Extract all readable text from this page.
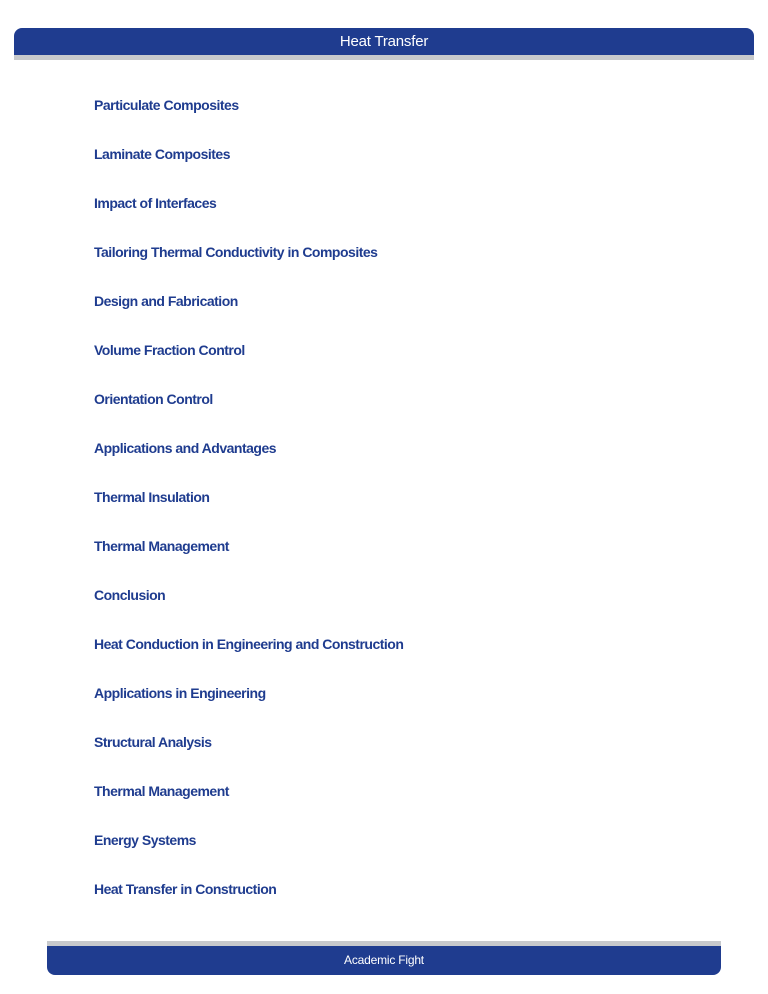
Heat Transfer
Particulate Composites
Laminate Composites
Impact of Interfaces
Tailoring Thermal Conductivity in Composites
Design and Fabrication
Volume Fraction Control
Orientation Control
Applications and Advantages
Thermal Insulation
Thermal Management
Conclusion
Heat Conduction in Engineering and Construction
Applications in Engineering
Structural Analysis
Thermal Management
Energy Systems
Heat Transfer in Construction
Academic Fight
